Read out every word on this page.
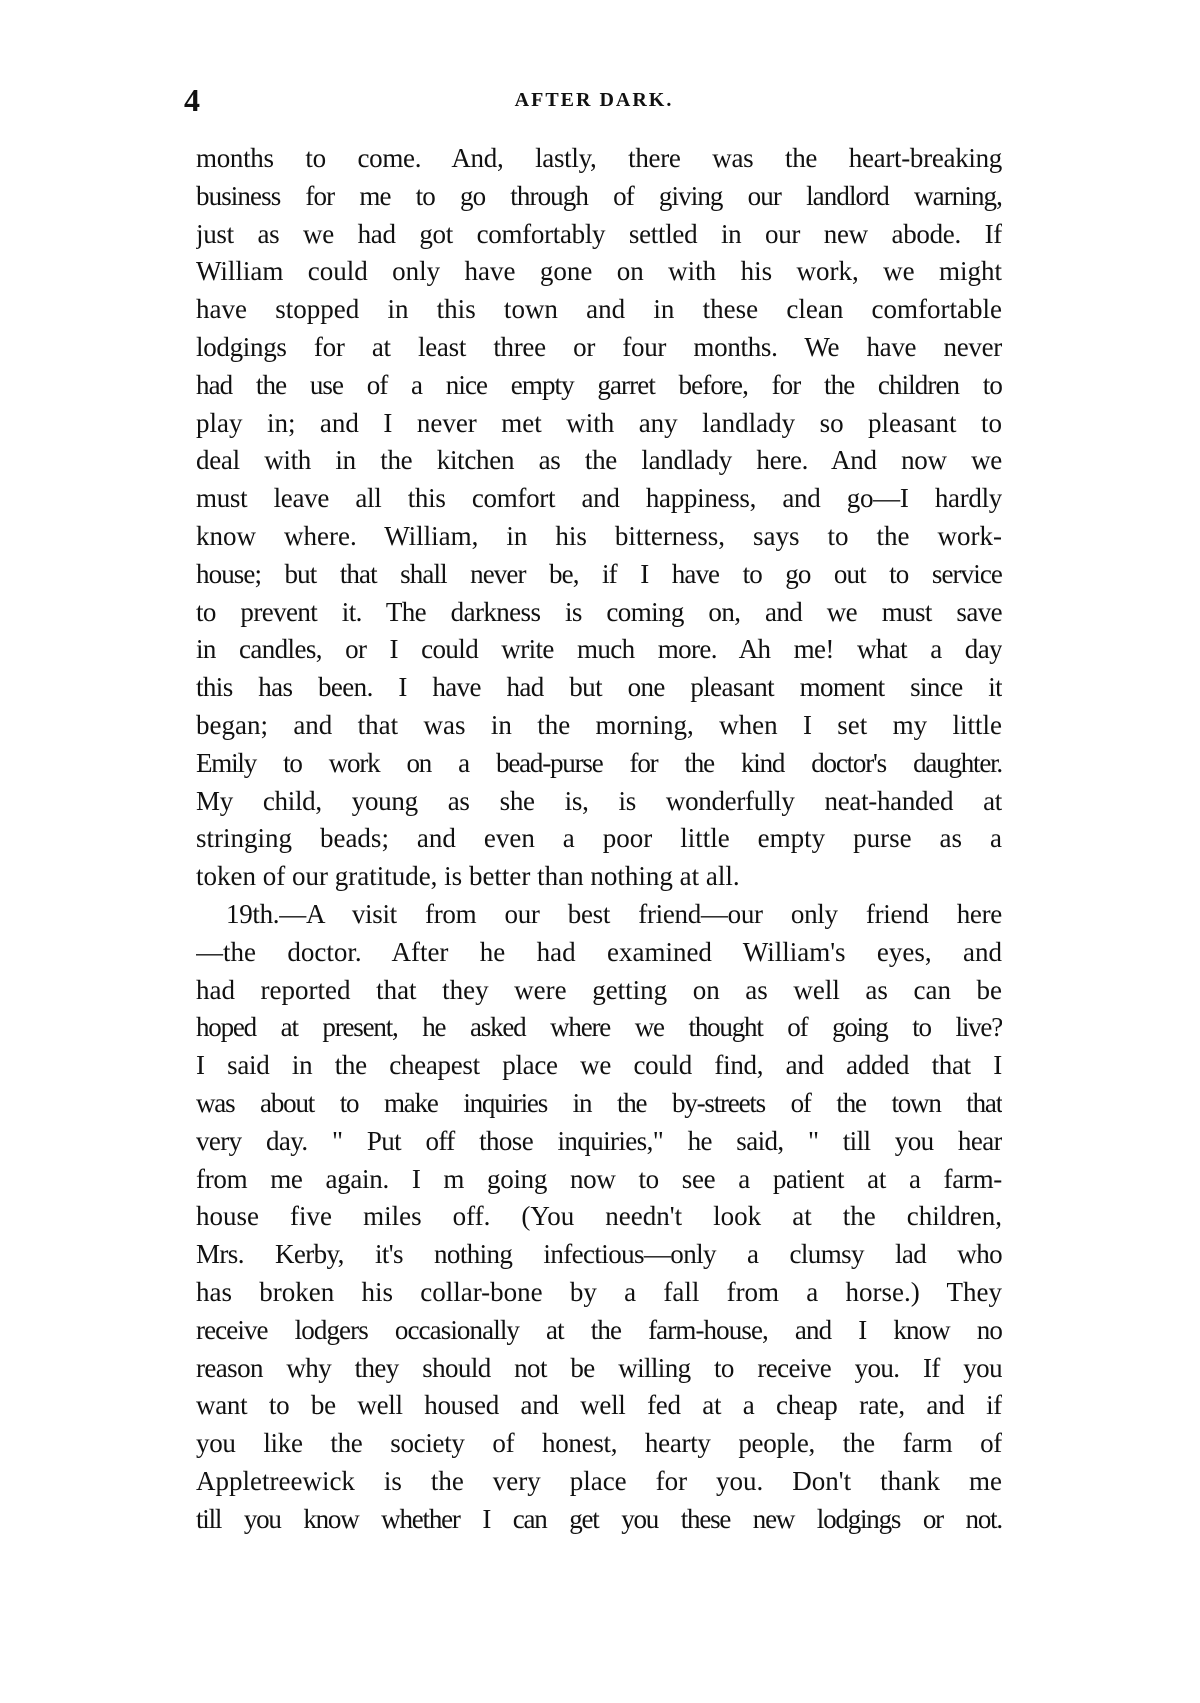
4	AFTER DARK.
months to come. And, lastly, there was the heart-breaking
business for me to go through of giving our landlord warning,
just as we had got comfortably settled in our new abode. If
William could only have gone on with his work, we might
have stopped in this town and in these clean comfortable
lodgings for at least three or four months. We have never
had the use of a nice empty garret before, for the children to
play in; and I never met with any landlady so pleasant to
deal with in the kitchen as the landlady here. And now we
must leave all this comfort and happiness, and go—I hardly
know where. William, in his bitterness, says to the work-
house; but that shall never be, if I have to go out to service
to prevent it. The darkness is coming on, and we must save
in candles, or I could write much more. Ah me! what a day
this has been. I have had but one pleasant moment since it
began; and that was in the morning, when I set my little
Emily to work on a bead-purse for the kind doctor's daughter.
My child, young as she is, is wonderfully neat-handed at
stringing beads; and even a poor little empty purse as a
token of our gratitude, is better than nothing at all.
19th.—A visit from our best friend—our only friend here
—the doctor. After he had examined William's eyes, and
had reported that they were getting on as well as can be
hoped at present, he asked where we thought of going to live?
I said in the cheapest place we could find, and added that I
was about to make inquiries in the by-streets of the town that
very day. " Put off those inquiries," he said, " till you hear
from me again. I m going now to see a patient at a farm-
house five miles off. (You needn't look at the children,
Mrs. Kerby, it's nothing infectious—only a clumsy lad who
has broken his collar-bone by a fall from a horse.) They
receive lodgers occasionally at the farm-house, and I know no
reason why they should not be willing to receive you. If you
want to be well housed and well fed at a cheap rate, and if
you like the society of honest, hearty people, the farm of
Appletreewick is the very place for you. Don't thank me
till you know whether I can get you these new lodgings or not.
